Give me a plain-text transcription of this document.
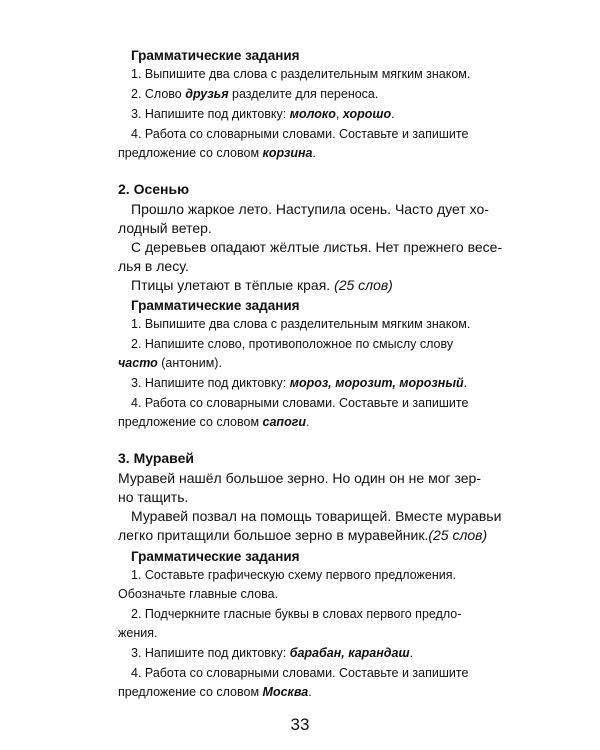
Грамматические задания

1. Выпишите два слова с разделительным мягким знаком.

2. Слово друзья разделите для переноса.

3. Напишите под диктовку: молоко, хорошо.

4. Работа со словарными словами. Составьте и запишите

предложение со словом корзина.

2. Осенью

Прошло жаркое лето. Наступила осень. Часто дует хо-

лодный ветер.

С деревьев опадают жёлтые листья. Нет прежнего весе-

лья в лесу.

Птицы улетают в тёплые края. (25 слов)

Грамматические задания

1. Выпишите два слова с разделительным мягким знаком.

2. Напишите слово, противоположное по смыслу слову

часто (антоним).

3. Напишите под диктовку: мороз, морозит, морозный.

4. Работа со словарными словами. Составьте и запишите

предложение со словом сапоги.

3. Муравей

Муравей нашёл большое зерно. Но один он не мог зер-

но тащить.

Муравей позвал на помощь товарищей. Вместе муравьи

легко притащили большое зерно в муравейник.(25 слов)

Грамматические задания

1. Составьте графическую схему первого предложения.

Обозначьте главные слова.

2. Подчеркните гласные буквы в словах первого предло-

жения.

3. Напишите под диктовку: барабан, карандаш.

4. Работа со словарными словами. Составьте и запишите

предложение со словом Москва.

33
